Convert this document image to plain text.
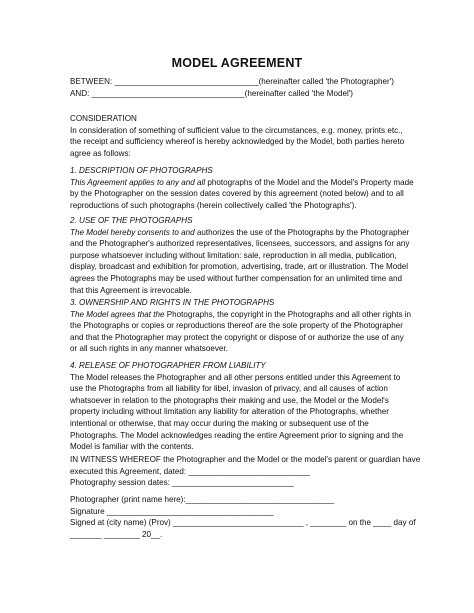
MODEL AGREEMENT
BETWEEN: ________________________________(hereinafter called 'the Photographer')
AND: __________________________________(hereinafter called 'the Model')
CONSIDERATION
In consideration of something of sufficient value to the circumstances, e.g. money, prints etc.,
the receipt and sufficiency whereof is hereby acknowledged by the Model, both parties hereto
agree as follows:
1. DESCRIPTION OF PHOTOGRAPHS
This Agreement applies to any and all photographs of the Model and the Model's Property made
by the Photographer on the session dates covered by this agreement (noted below) and to all
reproductions of such photographs (herein collectively called 'the Photographs').
2. USE OF THE PHOTOGRAPHS
The Model hereby consents to and authorizes the use of the Photographs by the Photographer
and the Photographer's authorized representatives, licensees, successors, and assigns for any
purpose whatsoever including without limitation: sale, reproduction in all media, publication,
display, broadcast and exhibition for promotion, advertising, trade, art or illustration. The Model
agrees the Photographs may be used without further compensation for an unlimited time and
that this Agreement is irrevocable.
3. OWNERSHIP AND RIGHTS IN THE PHOTOGRAPHS
The Model agrees that the Photographs, the copyright in the Photographs and all other rights in
the Photographs or copies or reproductions thereof are the sole property of the Photographer
and that the Photographer may protect the copyright or dispose of or authorize the use of any
or all such rights in any manner whatsoever.
4. RELEASE OF PHOTOGRAPHER FROM LIABILITY
The Model releases the Photographer and all other persons entitled under this Agreement to
use the Photographs from all liability for libel, invasion of privacy, and all causes of action
whatsoever in relation to the photographs their making and use, the Model or the Model's
property including without limitation any liability for alteration of the Photographs, whether
intentional or otherwise, that may occur during the making or subsequent use of the
Photographs. The Model acknowledges reading the entire Agreement prior to signing and the
Model is familiar with the contents.
IN WITNESS WHEREOF the Photographer and the Model or the model's parent or guardian have
executed this Agreement, dated: ___________________________
Photography session dates: ___________________________
Photographer (print name here):_________________________________
Signature _____________________________________
Signed at (city name) (Prov) _____________________________ , ________ on the ____ day of
_______ ________ 20__.
